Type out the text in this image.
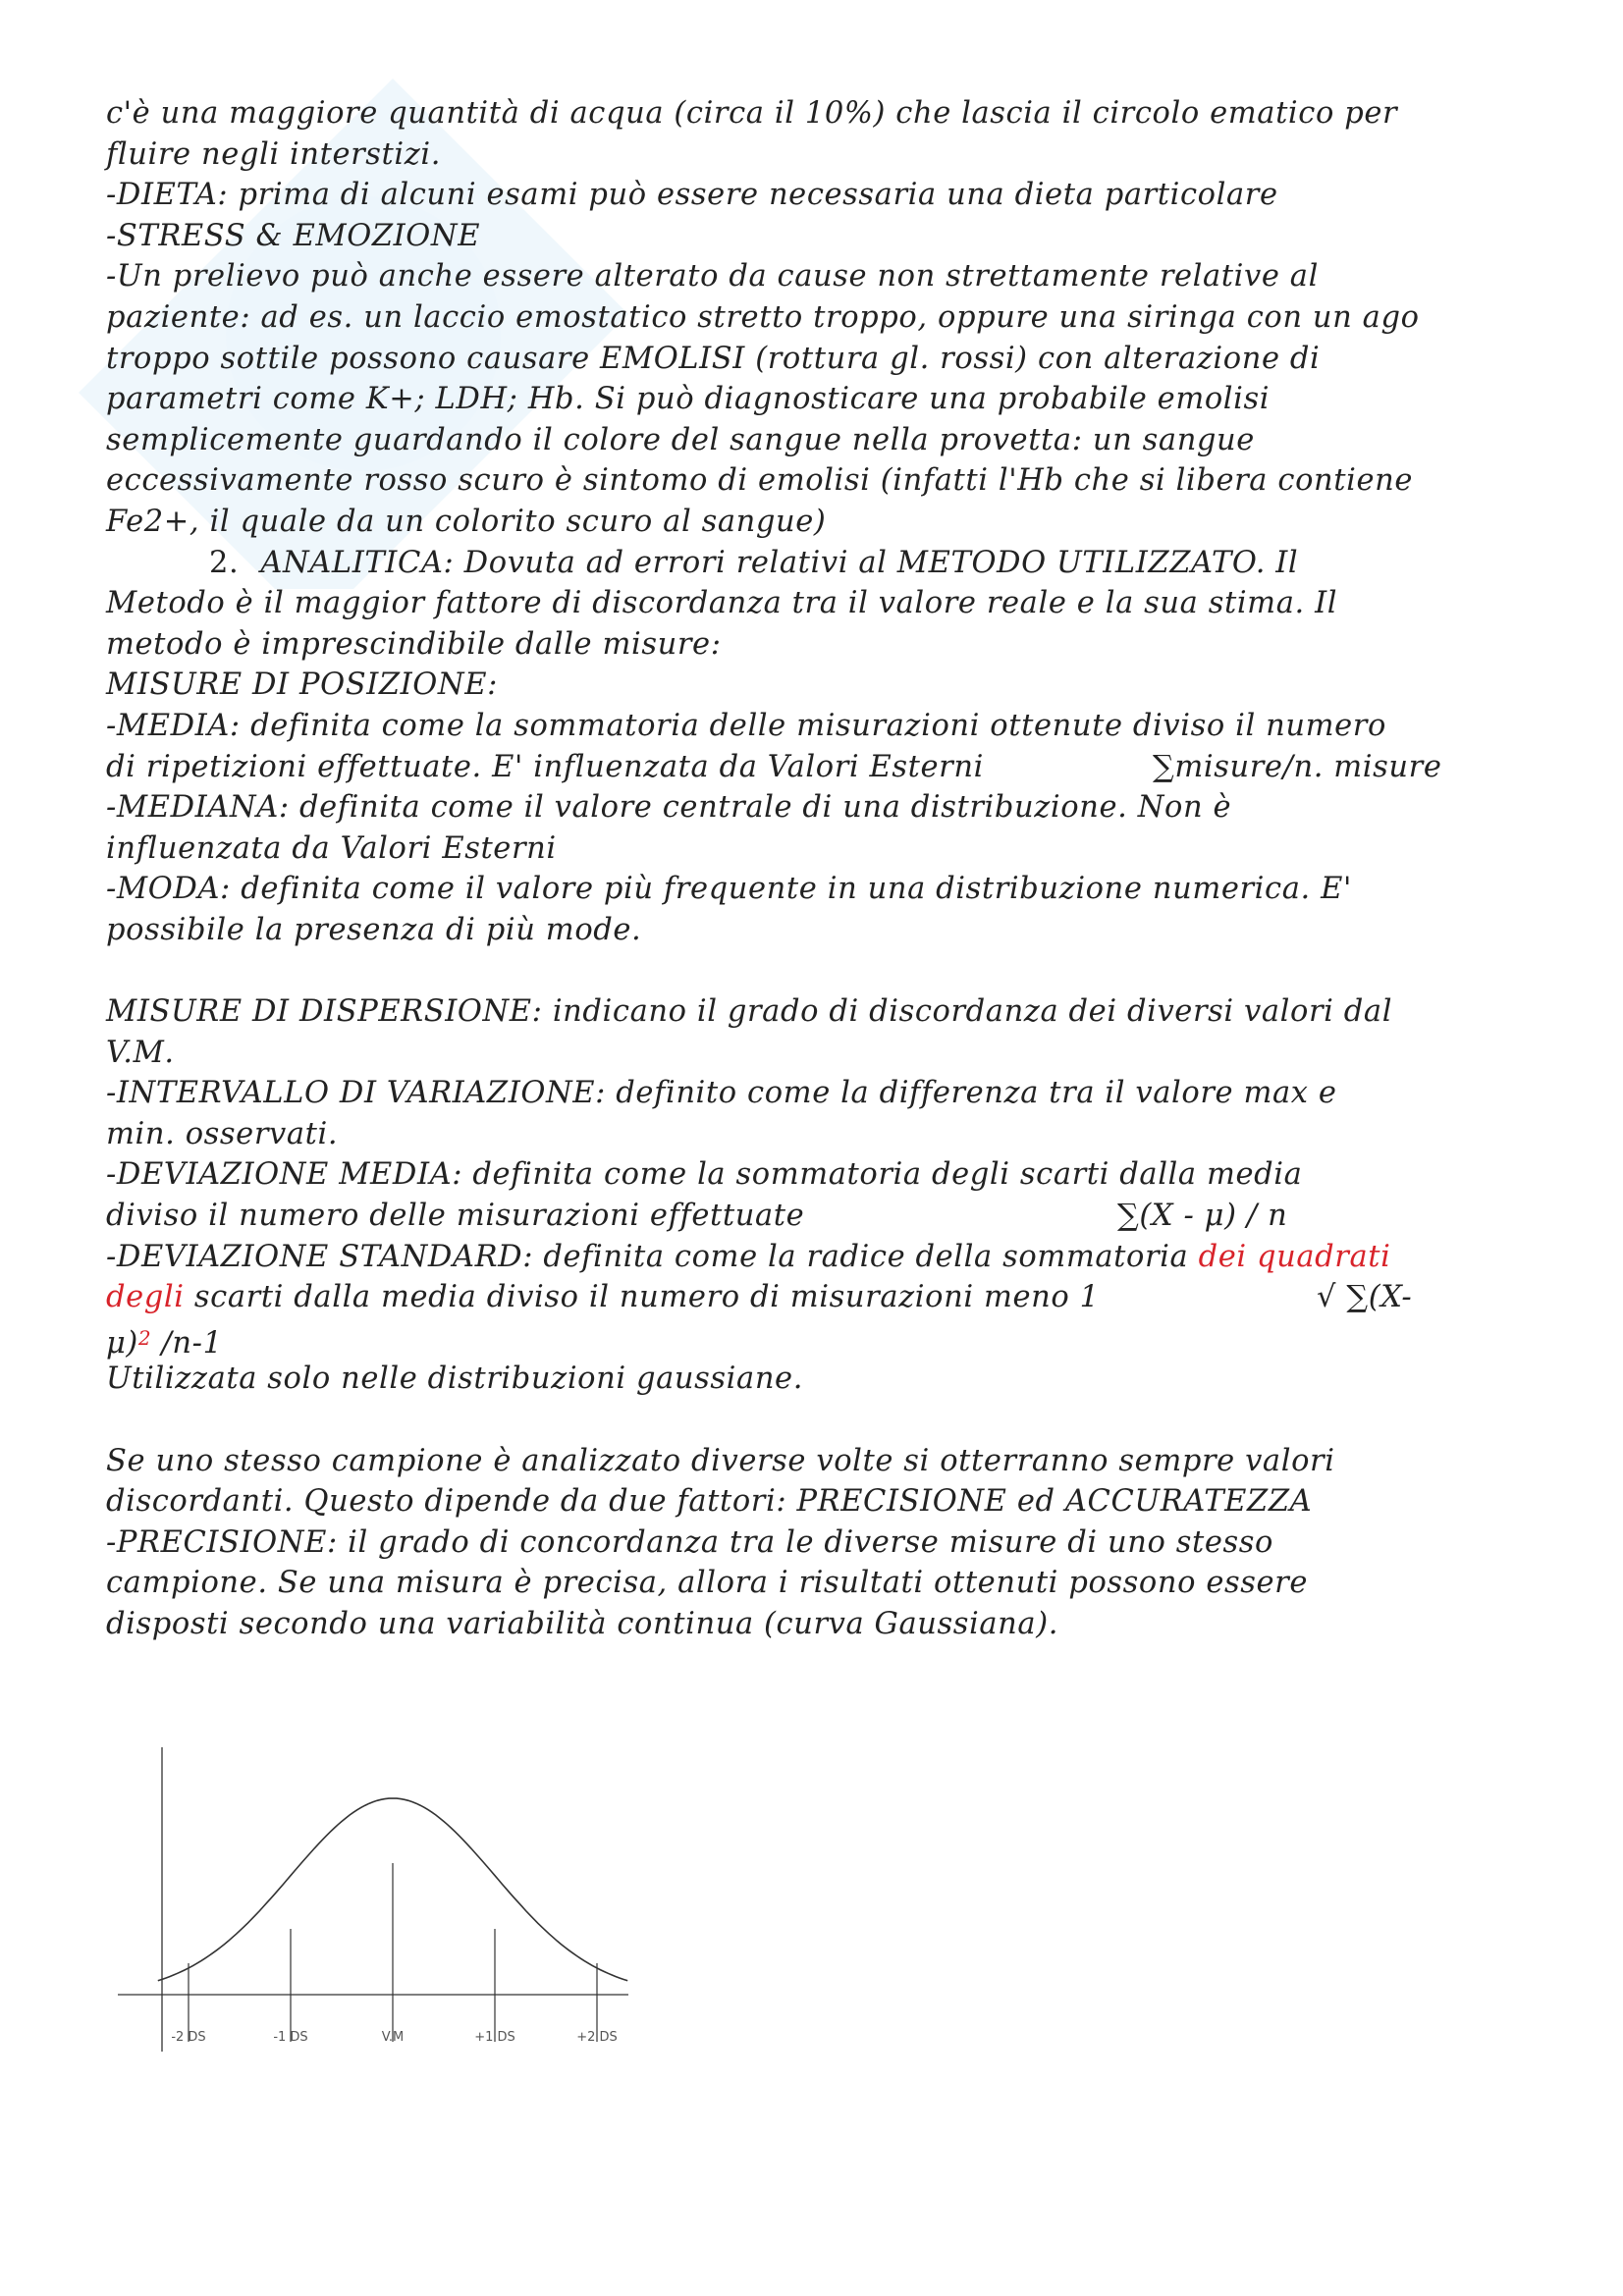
c'è una maggiore quantità di acqua (circa il 10%) che lascia il circolo ematico per
fluire negli interstizi.
-DIETA: prima di alcuni esami può essere necessaria una dieta particolare
-STRESS & EMOZIONE
-Un prelievo può anche essere alterato da cause non strettamente relative al
paziente: ad es. un laccio emostatico stretto troppo, oppure una siringa con un ago
troppo sottile possono causare EMOLISI (rottura gl. rossi) con alterazione di
parametri come K+; LDH; Hb. Si può diagnosticare una probabile emolisi
semplicemente guardando il colore del sangue nella provetta: un sangue
eccessivamente rosso scuro è sintomo di emolisi (infatti l'Hb che si libera contiene
Fe2+, il quale da un colorito scuro al sangue)
2. ANALITICA: Dovuta ad errori relativi al METODO UTILIZZATO. Il
Metodo è il maggior fattore di discordanza tra il valore reale e la sua stima. Il
metodo è imprescindibile dalle misure:
MISURE DI POSIZIONE:
-MEDIA: definita come la sommatoria delle misurazioni ottenute diviso il numero
di ripetizioni effettuate. E' influenzata da Valori Esterni	∑misure/n. misure
-MEDIANA: definita come il valore centrale di una distribuzione. Non è
influenzata da Valori Esterni
-MODA: definita come il valore più frequente in una distribuzione numerica. E'
possibile la presenza di più mode.
MISURE DI DISPERSIONE: indicano il grado di discordanza dei diversi valori dal
V.M.
-INTERVALLO DI VARIAZIONE: definito come la differenza tra il valore max e
min. osservati.
-DEVIAZIONE MEDIA: definita come la sommatoria degli scarti dalla media
diviso il numero delle misurazioni effettuate	∑(X - μ) / n
-DEVIAZIONE STANDARD: definita come la radice della sommatoria dei quadrati
degli scarti dalla media diviso il numero di misurazioni meno 1	√ ∑(X-
μ)$^2$ /n-1
Utilizzata solo nelle distribuzioni gaussiane.
Se uno stesso campione è analizzato diverse volte si otterranno sempre valori
discordanti. Questo dipende da due fattori: PRECISIONE ed ACCURATEZZA
-PRECISIONE: il grado di concordanza tra le diverse misure di uno stesso
campione. Se una misura è precisa, allora i risultati ottenuti possono essere
disposti secondo una variabilità continua (curva Gaussiana).
-2 DS	-1 DS	V.M	+1 DS	+2 DS
